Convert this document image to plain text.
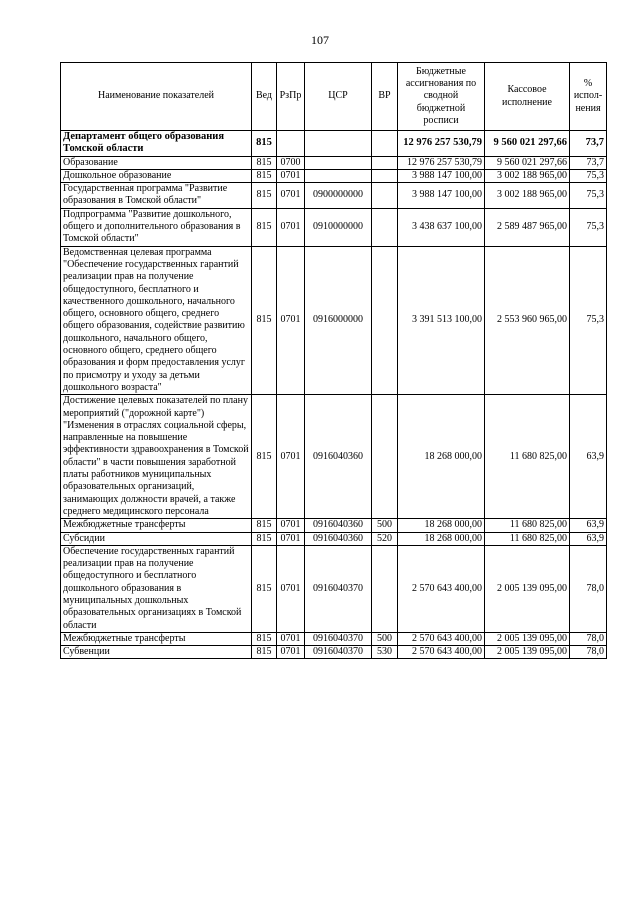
107
Наименование показателей	Вед	РзПр	ЦСР	ВР	Бюджетные ассигнования по сводной бюджетной росписи	Кассовое исполнение	% испол-нения
Департамент общего образования Томской области	815				12 976 257 530,79	9 560 021 297,66	73,7
Образование	815	0700			12 976 257 530,79	9 560 021 297,66	73,7
Дошкольное образование	815	0701			3 988 147 100,00	3 002 188 965,00	75,3
Государственная программа "Развитие образования в Томской области"	815	0701	0900000000		3 988 147 100,00	3 002 188 965,00	75,3
Подпрограмма "Развитие дошкольного, общего и дополнительного образования в Томской области"	815	0701	0910000000		3 438 637 100,00	2 589 487 965,00	75,3
Ведомственная целевая программа "Обеспечение государственных гарантий реализации прав на получение общедоступного, бесплатного и качественного дошкольного, начального общего, основного общего, среднего общего образования, содействие развитию дошкольного, начального общего, основного общего, среднего общего образования и форм предоставления услуг по присмотру и уходу за детьми дошкольного возраста"	815	0701	0916000000		3 391 513 100,00	2 553 960 965,00	75,3
Достижение целевых показателей по плану мероприятий ("дорожной карте") "Изменения в отраслях социальной сферы, направленные на повышение эффективности здравоохранения в Томской области" в части повышения заработной платы работников муниципальных образовательных организаций, занимающих должности врачей, а также среднего медицинского персонала	815	0701	0916040360		18 268 000,00	11 680 825,00	63,9
Межбюджетные трансферты	815	0701	0916040360	500	18 268 000,00	11 680 825,00	63,9
Субсидии	815	0701	0916040360	520	18 268 000,00	11 680 825,00	63,9
Обеспечение государственных гарантий реализации прав на получение общедоступного и бесплатного дошкольного образования в муниципальных дошкольных образовательных организациях в Томской области	815	0701	0916040370		2 570 643 400,00	2 005 139 095,00	78,0
Межбюджетные трансферты	815	0701	0916040370	500	2 570 643 400,00	2 005 139 095,00	78,0
Субвенции	815	0701	0916040370	530	2 570 643 400,00	2 005 139 095,00	78,0
